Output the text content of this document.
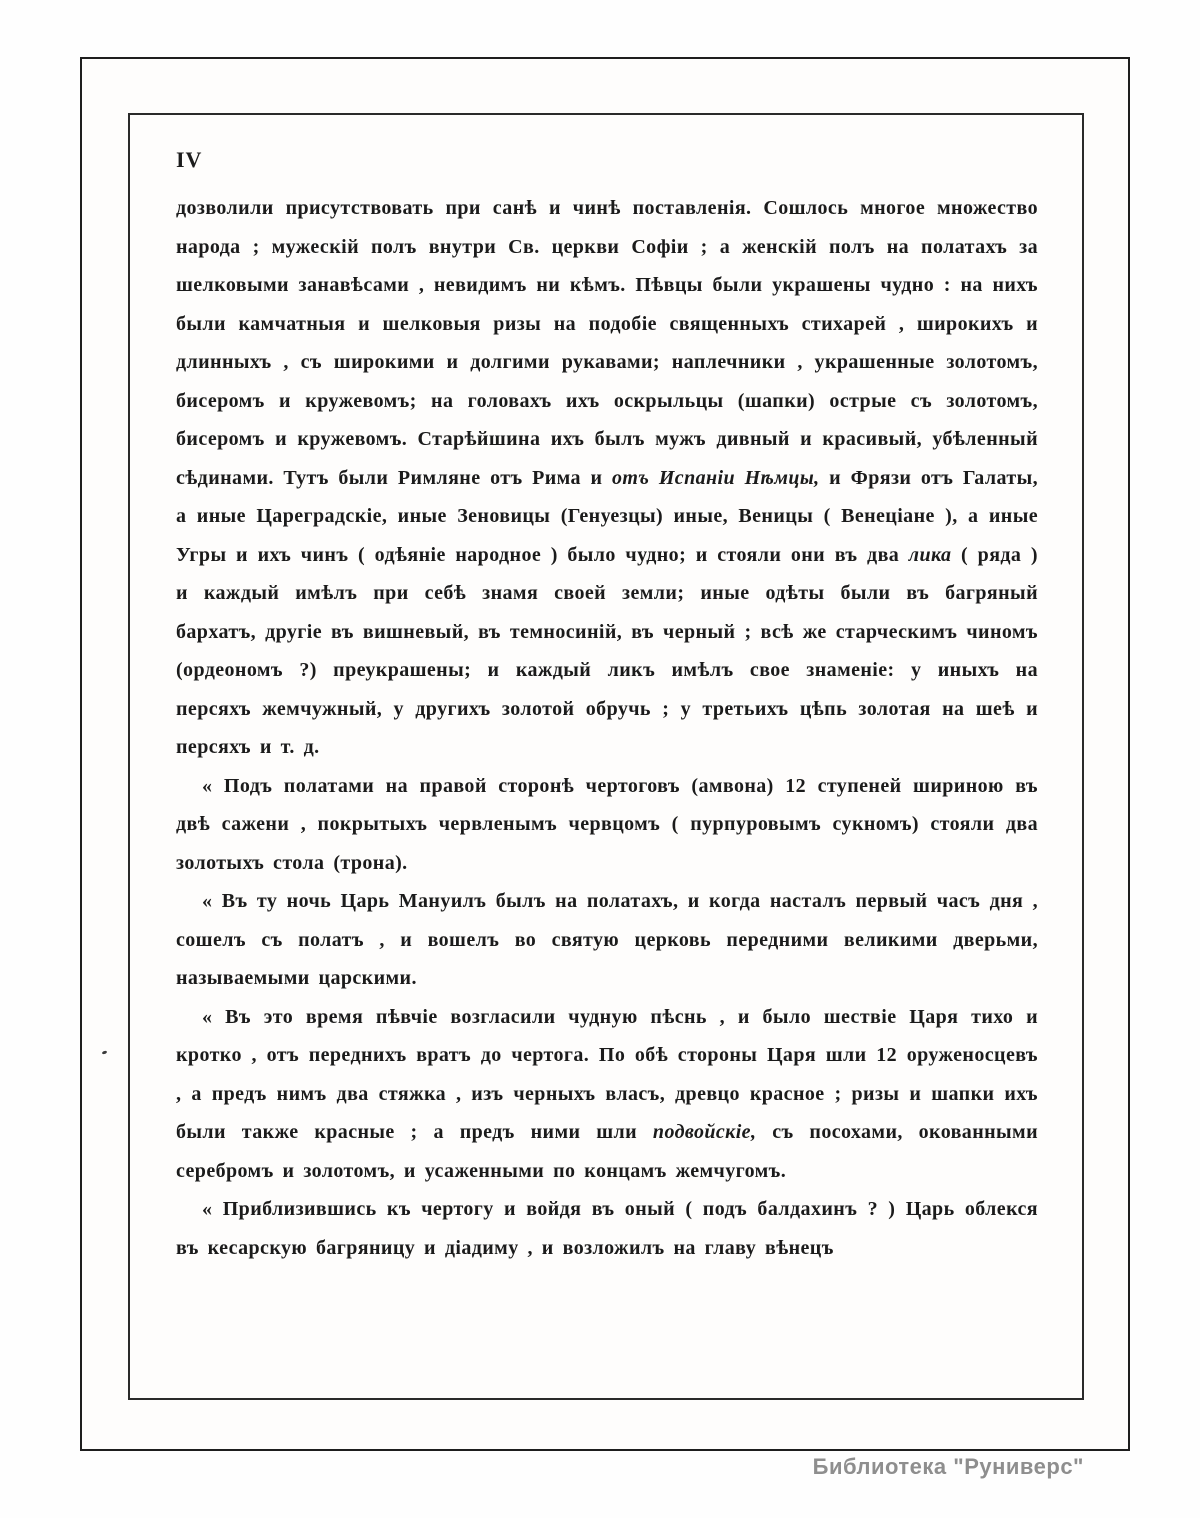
IV

дозволили присутствовать при санѣ и чинѣ поставленія. Сошлось многое множество народа ; мужескій полъ внутри Св. церкви Софіи ; а женскій полъ на полатахъ за шелковыми занавѣсами , невидимъ ни кѣмъ. Пѣвцы были украшены чудно : на нихъ были камчатныя и шелковыя ризы на подобіе священныхъ стихарей , широкихъ и длинныхъ , съ широкими и долгими рукавами; наплечники , украшенные золотомъ, бисеромъ и кружевомъ; на головахъ ихъ оскрыльцы (шапки) острые съ золотомъ, бисеромъ и кружевомъ. Старѣйшина ихъ былъ мужъ дивный и красивый, убѣленный сѣдинами. Тутъ были Римляне отъ Рима и отъ Испаніи Нѣмцы, и Фрязи отъ Галаты, а иные Цареградскіе, иные Зеновицы (Генуезцы) иные, Веницы ( Венеціане ), а иные Угры и ихъ чинъ ( одѣяніе народное ) было чудно; и стояли они въ два лика ( ряда ) и каждый имѣлъ при себѣ знамя своей земли; иные одѣты были въ багряный бархатъ, другіе въ вишневый, въ темносиній, въ черный ; всѣ же старческимъ чиномъ (ордеономъ ?) преукрашены; и каждый ликъ имѣлъ свое знаменіе: у иныхъ на персяхъ жемчужный, у другихъ золотой обручь ; у третьихъ цѣпь золотая на шеѣ и персяхъ и т. д.

« Подъ полатами на правой сторонѣ чертоговъ (амвона) 12 ступеней шириною въ двѣ сажени , покрытыхъ червленымъ червцомъ ( пурпуровымъ сукномъ) стояли два золотыхъ стола (трона).

« Въ ту ночь Царь Мануилъ былъ на полатахъ, и когда насталъ первый часъ дня , сошелъ съ полатъ , и вошелъ во святую церковь передними великими дверьми, называемыми царскими.

« Въ это время пѣвчіе возгласили чудную пѣснь , и было шествіе Царя тихо и кротко , отъ переднихъ вратъ до чертога. По обѣ стороны Царя шли 12 оруженосцевъ , а предъ нимъ два стяжка , изъ черныхъ власъ, древцо красное ; ризы и шапки ихъ были также красные ; а предъ ними шли подвойскіе, съ посохами, окованными серебромъ и золотомъ, и усаженными по концамъ жемчугомъ.

« Приблизившись къ чертогу и войдя въ оный ( подъ балдахинъ ? ) Царь облекся въ кесарскую багряницу и діадиму , и возложилъ на главу вѣнецъ

Библиотека "Руниверс"
